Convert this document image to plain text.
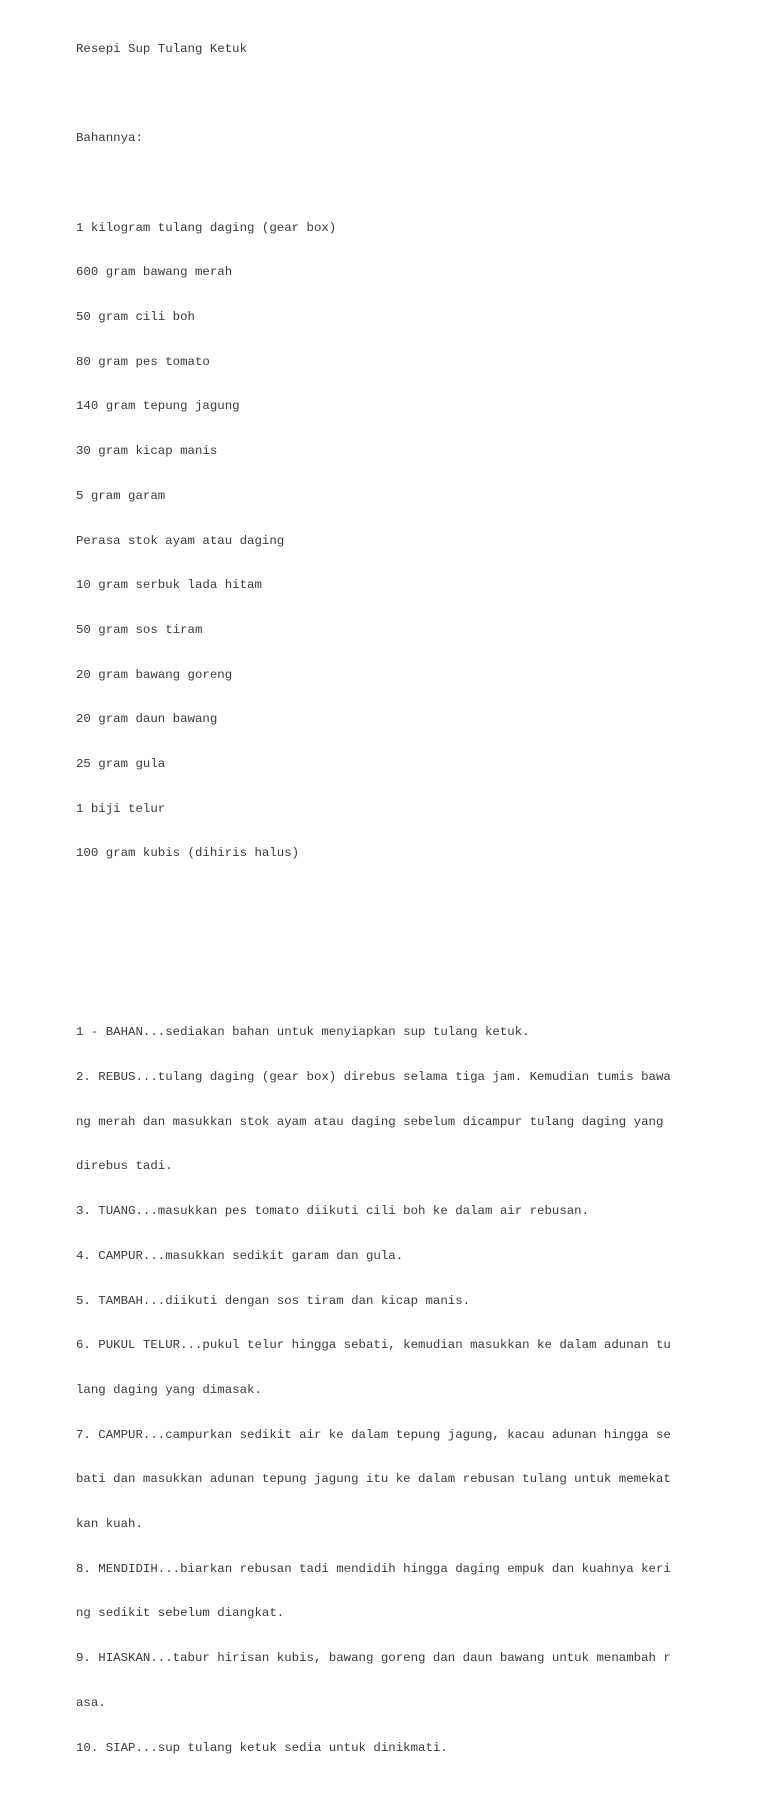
Resepi Sup Tulang Ketuk

Bahannya:

1 kilogram tulang daging (gear box)

600 gram bawang merah

50 gram cili boh

80 gram pes tomato

140 gram tepung jagung

30 gram kicap manis

5 gram garam

Perasa stok ayam atau daging

10 gram serbuk lada hitam

50 gram sos tiram

20 gram bawang goreng

20 gram daun bawang

25 gram gula

1 biji telur

100 gram kubis (dihiris halus)

1 - BAHAN...sediakan bahan untuk menyiapkan sup tulang ketuk.

2. REBUS...tulang daging (gear box) direbus selama tiga jam. Kemudian tumis bawa

ng merah dan masukkan stok ayam atau daging sebelum dicampur tulang daging yang

direbus tadi.

3. TUANG...masukkan pes tomato diikuti cili boh ke dalam air rebusan.

4. CAMPUR...masukkan sedikit garam dan gula.

5. TAMBAH...diikuti dengan sos tiram dan kicap manis.

6. PUKUL TELUR...pukul telur hingga sebati, kemudian masukkan ke dalam adunan tu

lang daging yang dimasak.

7. CAMPUR...campurkan sedikit air ke dalam tepung jagung, kacau adunan hingga se

bati dan masukkan adunan tepung jagung itu ke dalam rebusan tulang untuk memekat

kan kuah.

8. MENDIDIH...biarkan rebusan tadi mendidih hingga daging empuk dan kuahnya keri

ng sedikit sebelum diangkat.

9. HIASKAN...tabur hirisan kubis, bawang goreng dan daun bawang untuk menambah r

asa.

10. SIAP...sup tulang ketuk sedia untuk dinikmati.
